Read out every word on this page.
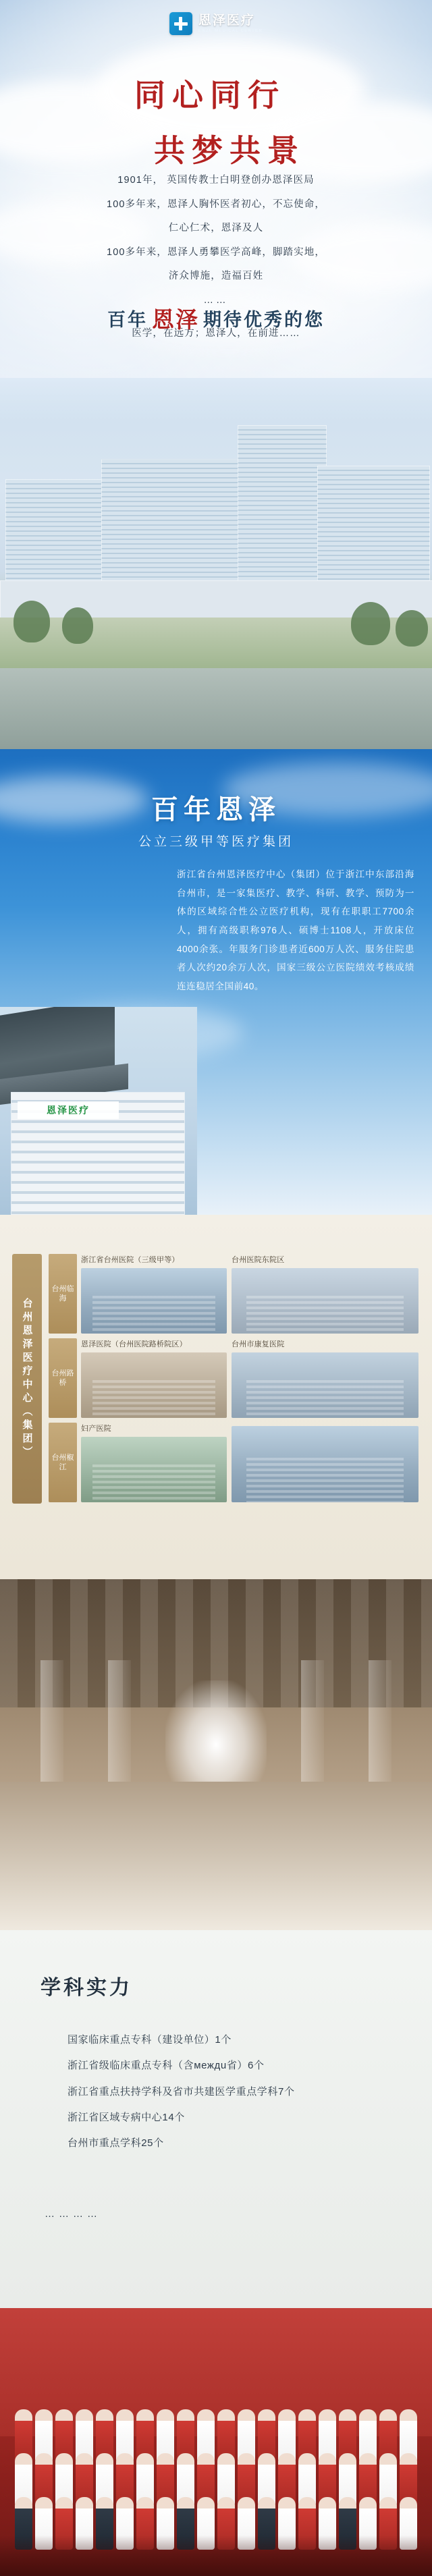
恩泽医疗
ENZE MEDICAL CENTER
同心同行
共梦共景
1901年， 英国传教士白明登创办恩泽医局
100多年来，恩泽人胸怀医者初心，不忘使命，
仁心仁术，恩泽及人
100多年来，恩泽人勇攀医学高峰，脚踏实地，
济众博施，造福百姓
……
医学，在远方；恩泽人，在前进……
百年 恩泽 期待优秀的您
百年恩泽
公立三级甲等医疗集团
浙江省台州恩泽医疗中心（集团）位于浙江中东部沿海台州市，是一家集医疗、教学、科研、教学、预防为一体的区域综合性公立医疗机构，现有在职职工7700余人，拥有高级职称976人、硕博士1108人，开放床位4000余张。年服务门诊患者近600万人次、服务住院患者人次约20余万人次，国家三级公立医院绩效考核成绩连连稳居全国前40。
恩泽医疗
台州恩泽医疗中心（集团）
台州临海
浙江省台州医院（三级甲等）	台州医院东院区
台州路桥
恩泽医院（台州医院路桥院区）	台州市康复医院
台州椒江
妇产医院
学科实力
国家临床重点专科（建设单位）1个
浙江省级临床重点专科（含междu省）6个
浙江省重点扶持学科及省市共建医学重点学科7个
浙江省区域专病中心14个
台州市重点学科25个
…………
